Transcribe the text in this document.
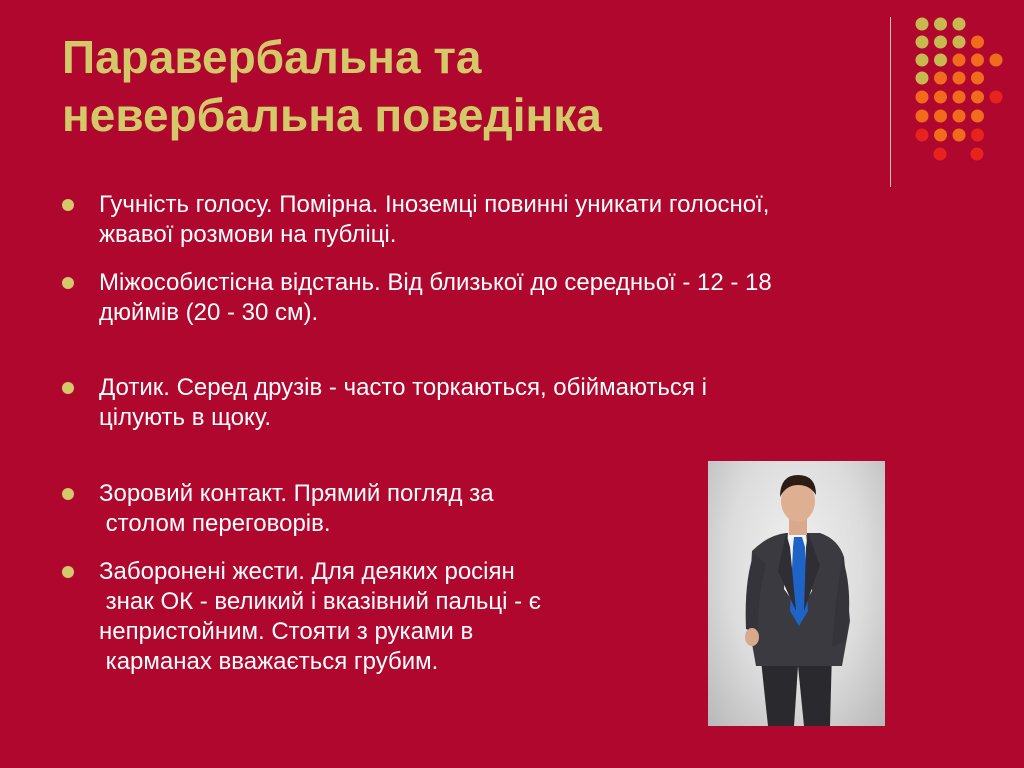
Паравербальна та
невербальна поведінка
Гучність голосу. Помірна. Іноземці повинні уникати голосної,
жвавої розмови на публіці.
Міжособистісна відстань. Від близької до середньої - 12 - 18
дюймів (20 - 30 см).
Дотик. Серед друзів - часто торкаються, обіймаються і
цілують в щоку.
Зоровий контакт. Прямий погляд за
столом переговорів.
Заборонені жести. Для деяких росіян
знак ОК - великий і вказівний пальці - є
непристойним. Стояти з руками в
карманах вважається грубим.
